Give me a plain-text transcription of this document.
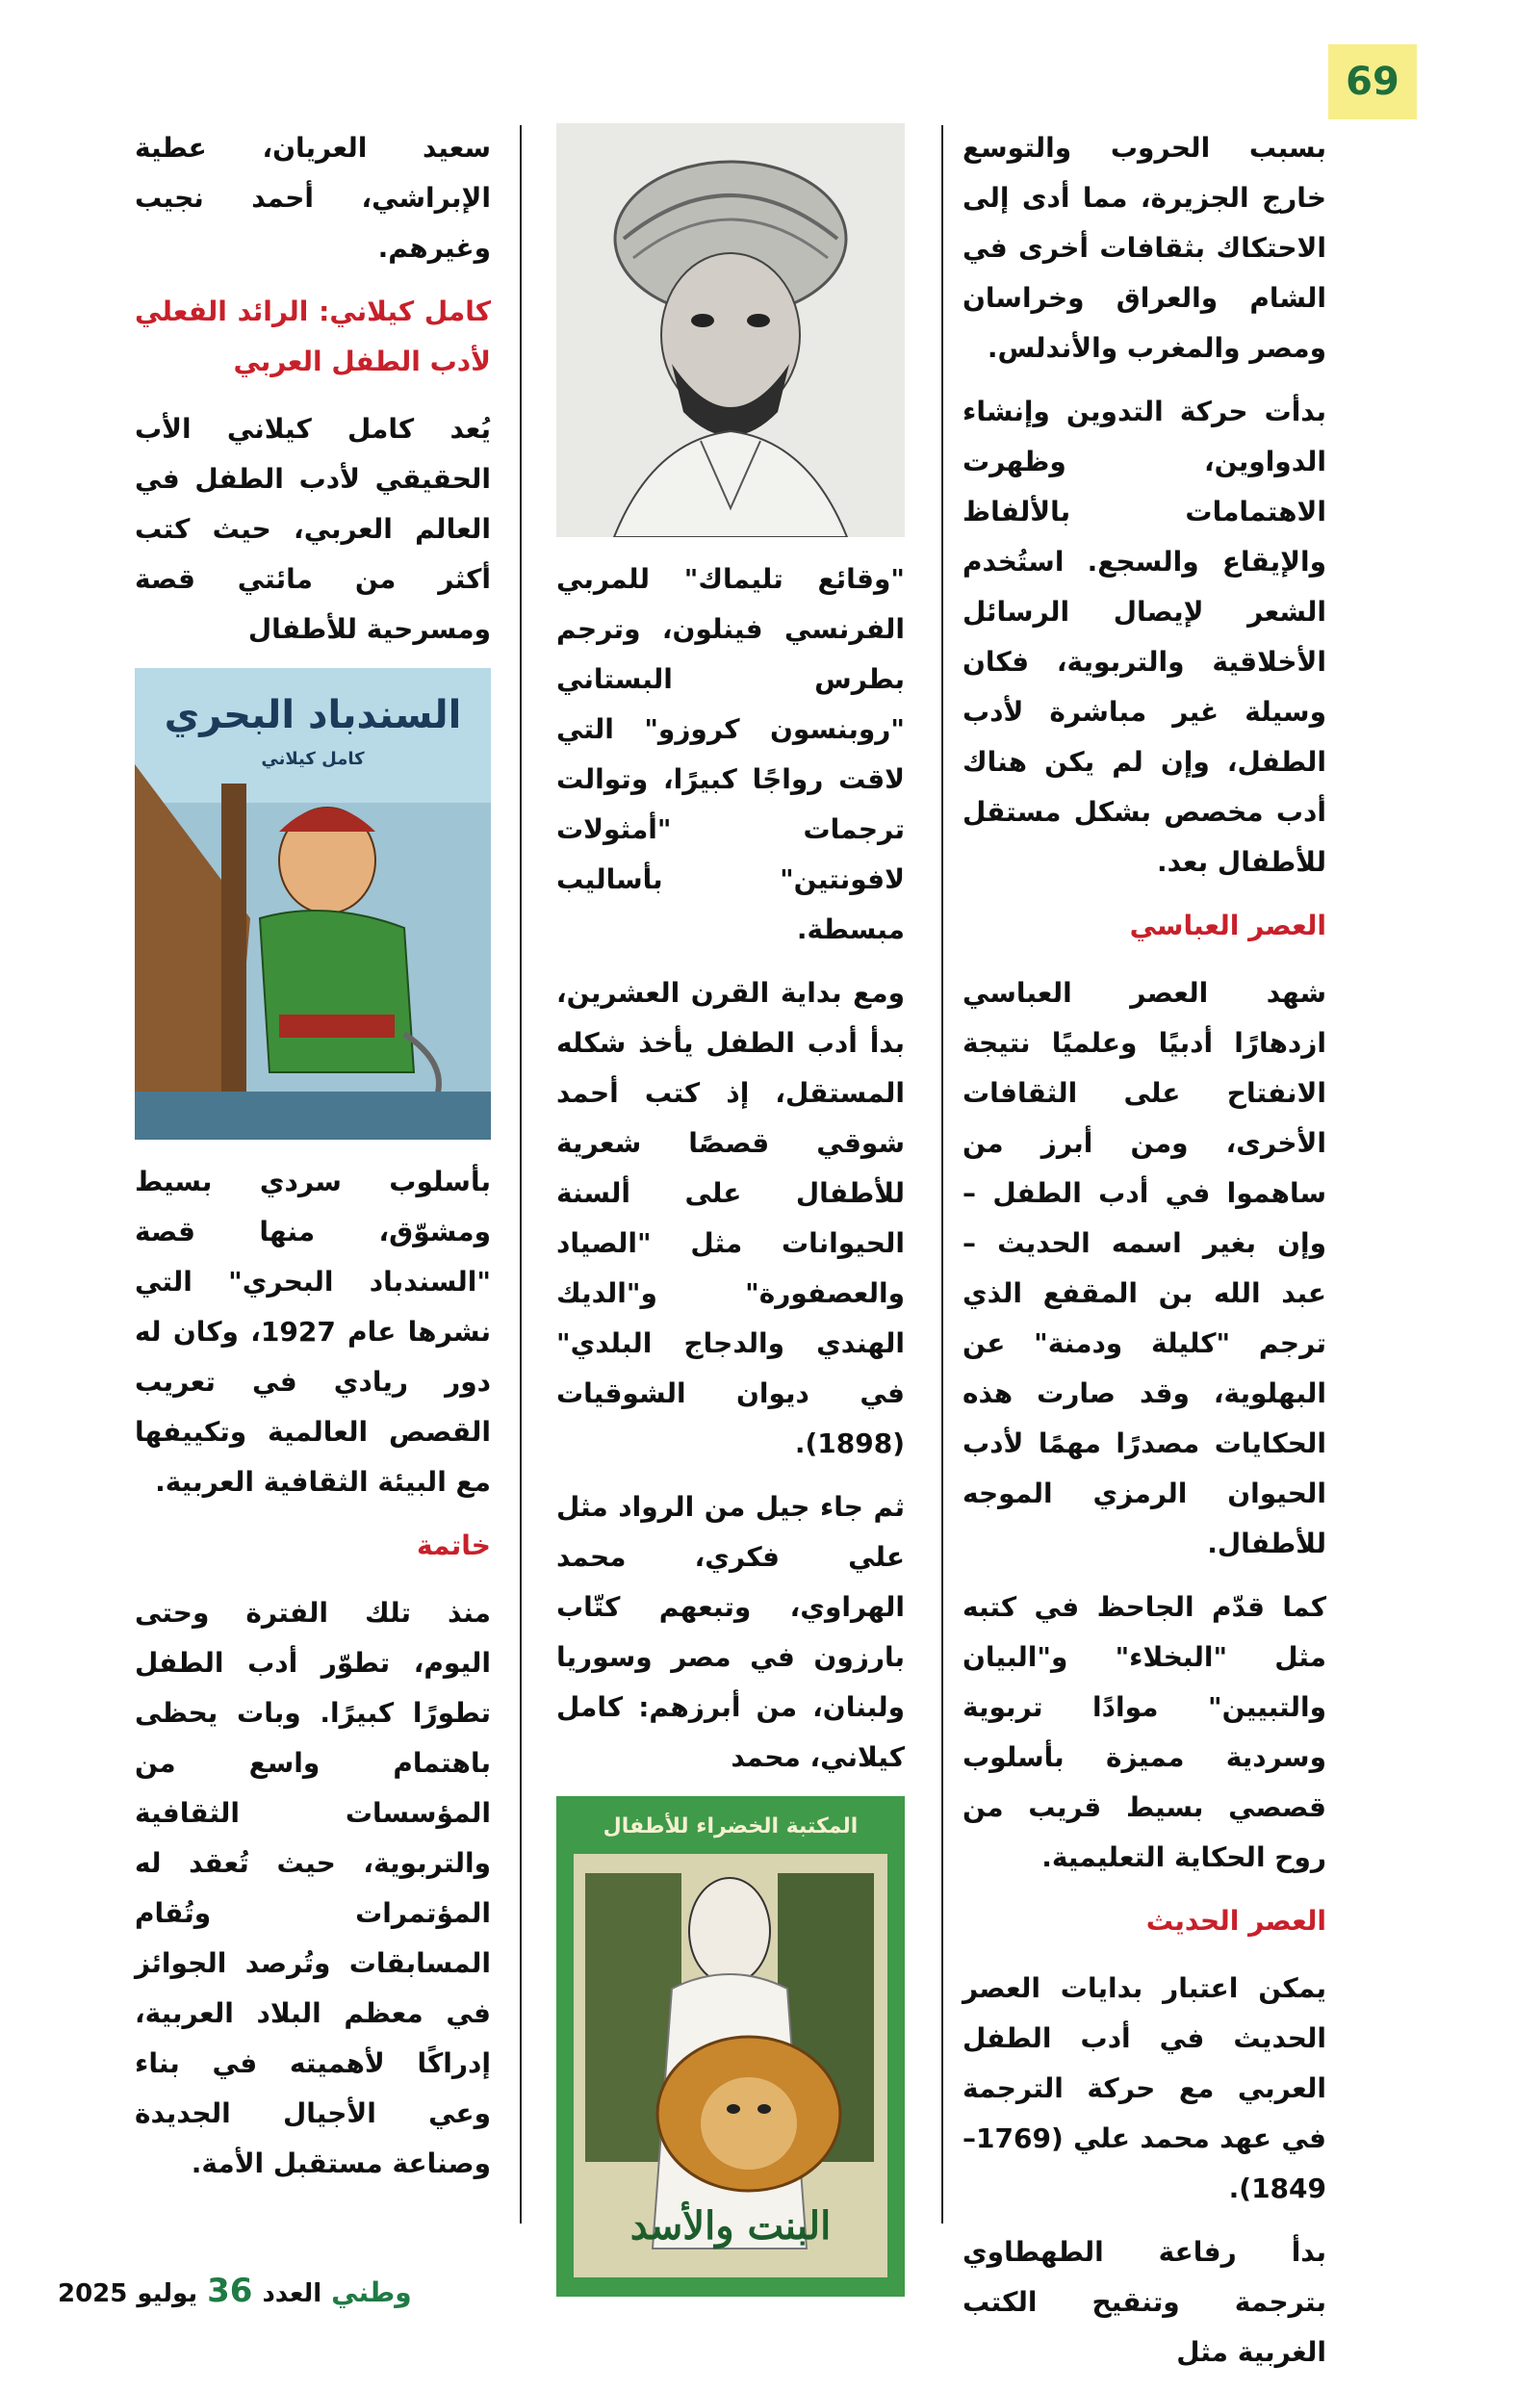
69

بسبب الحروب والتوسع خارج الجزيرة، مما أدى إلى الاحتكاك بثقافات أخرى في الشام والعراق وخراسان ومصر والمغرب والأندلس.

بدأت حركة التدوين وإنشاء الدواوين، وظهرت الاهتمامات بالألفاظ والإيقاع والسجع. استُخدم الشعر لإيصال الرسائل الأخلاقية والتربوية، فكان وسيلة غير مباشرة لأدب الطفل، وإن لم يكن هناك أدب مخصص بشكل مستقل للأطفال بعد.

العصر العباسي

شهد العصر العباسي ازدهارًا أدبيًا وعلميًا نتيجة الانفتاح على الثقافات الأخرى، ومن أبرز من ساهموا في أدب الطفل – وإن بغير اسمه الحديث – عبد الله بن المقفع الذي ترجم "كليلة ودمنة" عن البهلوية، وقد صارت هذه الحكايات مصدرًا مهمًا لأدب الحيوان الرمزي الموجه للأطفال.

كما قدّم الجاحظ في كتبه مثل "البخلاء" و"البيان والتبيين" موادًا تربوية وسردية مميزة بأسلوب قصصي بسيط قريب من روح الحكاية التعليمية.

العصر الحديث

يمكن اعتبار بدايات العصر الحديث في أدب الطفل العربي مع حركة الترجمة في عهد محمد علي (1769–1849).

بدأ رفاعة الطهطاوي بترجمة وتنقيح الكتب الغربية مثل

"وقائع تليماك" للمربي الفرنسي فينلون، وترجم بطرس البستاني "روبنسون كروزو" التي لاقت رواجًا كبيرًا، وتوالت ترجمات "أمثولات لافونتين" بأساليب مبسطة.

ومع بداية القرن العشرين، بدأ أدب الطفل يأخذ شكله المستقل، إذ كتب أحمد شوقي قصصًا شعرية للأطفال على ألسنة الحيوانات مثل "الصياد والعصفورة" و"الديك الهندي والدجاج البلدي" في ديوان الشوقيات (1898).

ثم جاء جيل من الرواد مثل علي فكري، محمد الهراوي، وتبعهم كتّاب بارزون في مصر وسوريا ولبنان، من أبرزهم: كامل كيلاني، محمد

المكتبة الخضراء للأطفال
البنت والأسد

سعيد العريان، عطية الإبراشي، أحمد نجيب وغيرهم.

كامل كيلاني: الرائد الفعلي لأدب الطفل العربي

يُعد كامل كيلاني الأب الحقيقي لأدب الطفل في العالم العربي، حيث كتب أكثر من مائتي قصة ومسرحية للأطفال

السندباد البحري
كامل كيلاني

بأسلوب سردي بسيط ومشوّق، منها قصة "السندباد البحري" التي نشرها عام 1927، وكان له دور ريادي في تعريب القصص العالمية وتكييفها مع البيئة الثقافية العربية.

خاتمة

منذ تلك الفترة وحتى اليوم، تطوّر أدب الطفل تطورًا كبيرًا. وبات يحظى باهتمام واسع من المؤسسات الثقافية والتربوية، حيث تُعقد له المؤتمرات وتُقام المسابقات وتُرصد الجوائز في معظم البلاد العربية، إدراكًا لأهميته في بناء وعي الأجيال الجديدة وصناعة مستقبل الأمة.

وطني
العدد
36
يوليو
2025
